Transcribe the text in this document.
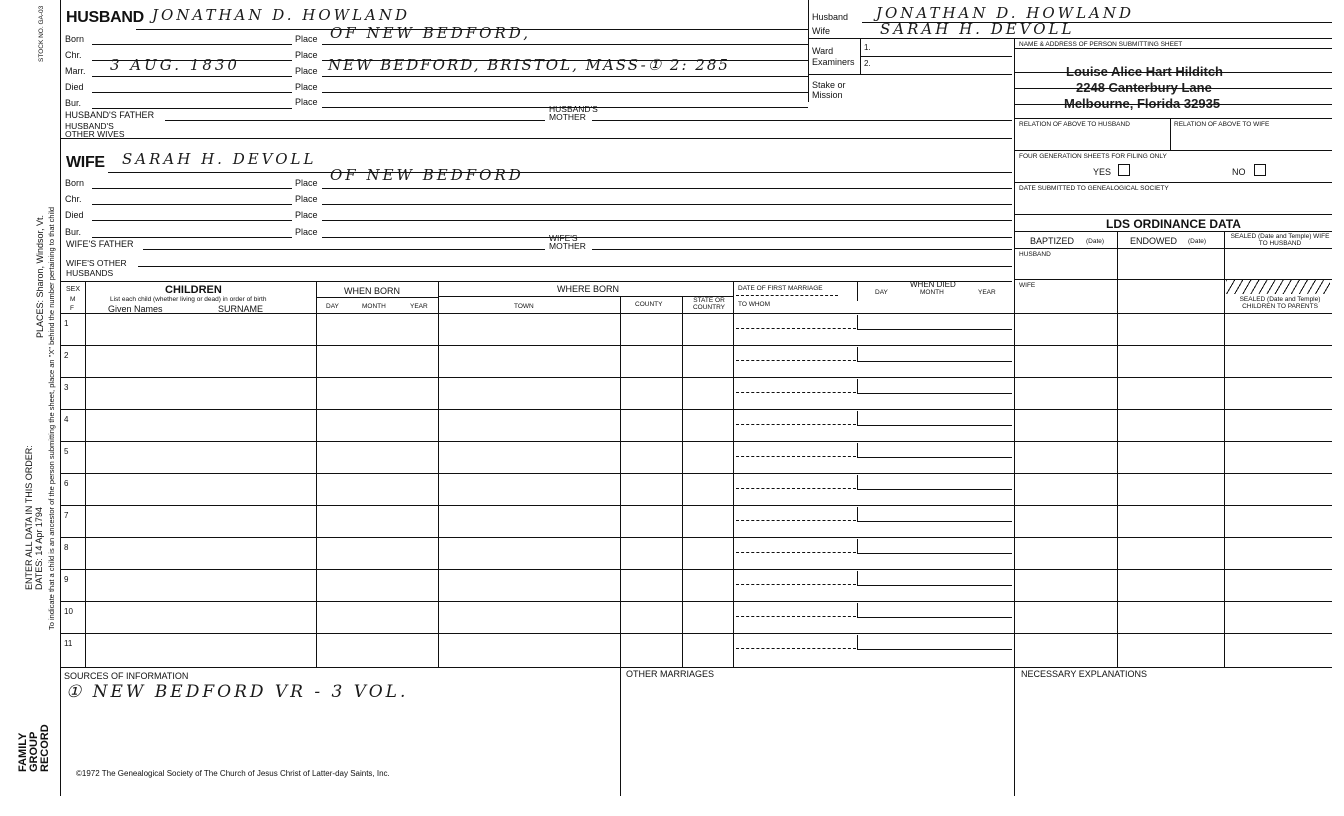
STOCK NO. GA-03
PLACES: Sharon, Windsor, Vt.
ENTER ALL DATA IN THIS ORDER: DATES: 14 Apr 1794 To indicate that a child is an ancestor of the person submitting the sheet, place an "X" behind the number pertaining to that child
FAMILY GROUP RECORD
HUSBAND JONATHAN D. HOWLAND
Born	Place OF NEW BEDFORD,
Chr.	Place
Marr. 3 AUG. 1830	Place NEW BEDFORD, BRISTOL, MASS-① 2: 285
Died	Place
Bur.	Place
HUSBAND'S FATHER
HUSBAND'S MOTHER
HUSBAND'S OTHER WIVES
WIFE SARAH H. DEVOLL
Born	Place OF NEW BEDFORD
Chr.	Place
Died	Place
Bur.	Place
WIFE'S FATHER
WIFE'S MOTHER
WIFE'S OTHER HUSBANDS
Husband JONATHAN D. HOWLAND
Wife	SARAH H. DEVOLL
Ward
Examiners
1.
2.
Stake or Mission
NAME & ADDRESS OF PERSON SUBMITTING SHEET
Louise Alice Hart Hilditch
2248 Canterbury Lane
Melbourne, Florida 32935
RELATION OF ABOVE TO HUSBAND	RELATION OF ABOVE TO WIFE
FOUR GENERATION SHEETS FOR FILING ONLY
YES	NO
DATE SUBMITTED TO GENEALOGICAL SOCIETY
LDS ORDINANCE DATA
BAPTIZED (Date)	ENDOWED (Date)
SEALED (Date and Temple) WIFE TO HUSBAND
HUSBAND
WIFE
SEALED (Date and Temple) CHILDREN TO PARENTS
SEX
M
F
CHILDREN
List each child (whether living or dead) in order of birth
Given Names	SURNAME
WHEN BORN
DAY	MONTH	YEAR
WHERE BORN
TOWN	COUNTY
STATE OR COUNTRY
DATE OF FIRST MARRIAGE
TO WHOM
WHEN DIED
DAY	MONTH	YEAR
1
2
3
4
5
6
7
8
9
10
11
SOURCES OF INFORMATION
① NEW BEDFORD VR - 3 VOL.
OTHER MARRIAGES	NECESSARY EXPLANATIONS
©1972 The Genealogical Society of The Church of Jesus Christ of Latter-day Saints, Inc.
